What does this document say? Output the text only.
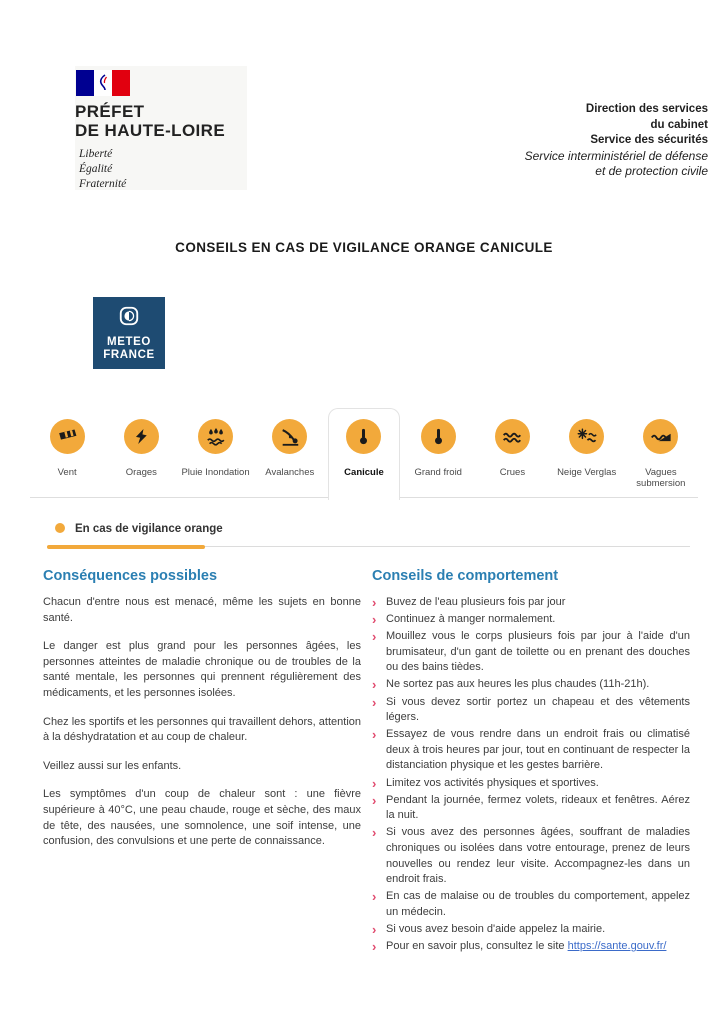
PRÉFET
DE HAUTE-LOIRE
Liberté
Égalité
Fraternité
Direction des services
du cabinet
Service des sécurités
Service interministériel de défense
et de protection civile
CONSEILS EN CAS DE VIGILANCE ORANGE CANICULE
METEO
FRANCE
Vent	Orages	Pluie Inondation	Avalanches	Canicule	Grand froid	Crues	Neige Verglas	Vagues submersion
En cas de vigilance orange
Conséquences possibles

Chacun d'entre nous est menacé, même les sujets en bonne santé.

Le danger est plus grand pour les personnes âgées, les personnes atteintes de maladie chronique ou de troubles de la santé mentale, les personnes qui prennent régulièrement des médicaments, et les personnes isolées.

Chez les sportifs et les personnes qui travaillent dehors, attention à la déshydratation et au coup de chaleur.

Veillez aussi sur les enfants.

Les symptômes d'un coup de chaleur sont : une fièvre supérieure à 40°C, une peau chaude, rouge et sèche, des maux de tête, des nausées, une somnolence, une soif intense, une confusion, des convulsions et une perte de connaissance.

Conseils de comportement
› Buvez de l'eau plusieurs fois par jour
› Continuez à manger normalement.
› Mouillez vous le corps plusieurs fois par jour à l'aide d'un brumisateur, d'un gant de toilette ou en prenant des douches ou des bains tièdes.
› Ne sortez pas aux heures les plus chaudes (11h-21h).
› Si vous devez sortir portez un chapeau et des vêtements légers.
› Essayez de vous rendre dans un endroit frais ou climatisé deux à trois heures par jour, tout en continuant de respecter la distanciation physique et les gestes barrière.
› Limitez vos activités physiques et sportives.
› Pendant la journée, fermez volets, rideaux et fenêtres. Aérez la nuit.
› Si vous avez des personnes âgées, souffrant de maladies chroniques ou isolées dans votre entourage, prenez de leurs nouvelles ou rendez leur visite. Accompagnez-les dans un endroit frais.
› En cas de malaise ou de troubles du comportement, appelez un médecin.
› Si vous avez besoin d'aide appelez la mairie.
› Pour en savoir plus, consultez le site https://sante.gouv.fr/
